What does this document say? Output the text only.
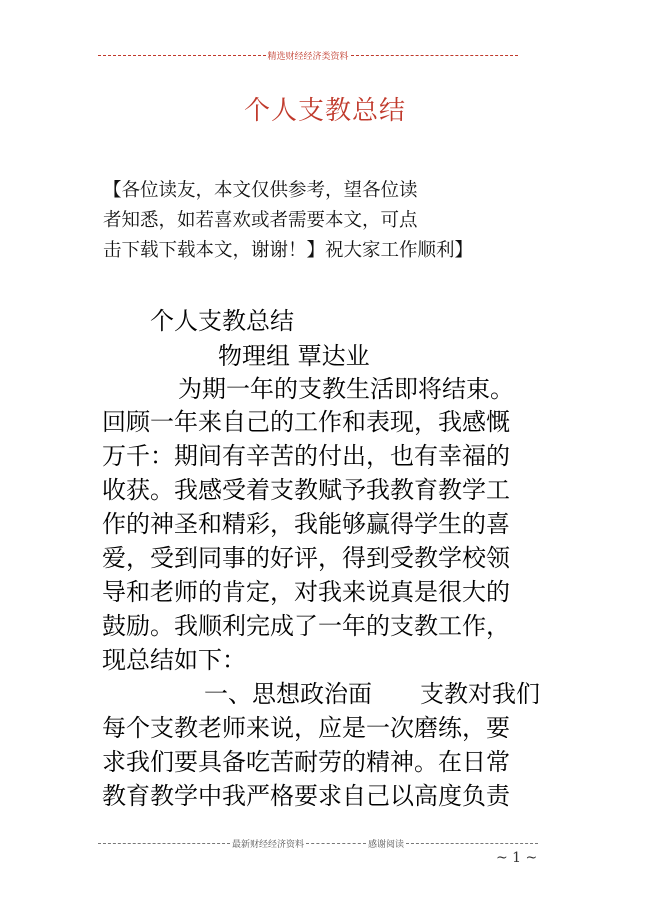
精选财经经济类资料
个人支教总结
【各位读友，本文仅供参考，望各位读
者知悉，如若喜欢或者需要本文，可点
击下载下载本文，谢谢！】祝大家工作顺利】
个人支教总结
物理组 覃达业
为期一年的支教生活即将结束。
回顾一年来自己的工作和表现，我感慨
万千：期间有辛苦的付出，也有幸福的
收获。我感受着支教赋予我教育教学工
作的神圣和精彩，我能够赢得学生的喜
爱，受到同事的好评，得到受教学校领
导和老师的肯定，对我来说真是很大的
鼓励。我顺利完成了一年的支教工作，
现总结如下：
一、思想政治面　　支教对我们
每个支教老师来说，应是一次磨练，要
求我们要具备吃苦耐劳的精神。在日常
教育教学中我严格要求自己以高度负责
最新财经经济资料	感谢阅读
~ 1 ~
